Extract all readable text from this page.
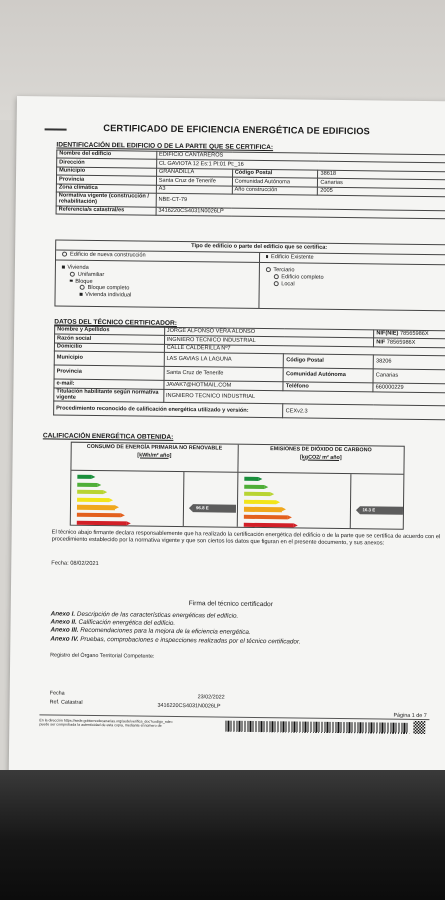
CERTIFICADO DE EFICIENCIA ENERGÉTICA DE EDIFICIOS
IDENTIFICACIÓN DEL EDIFICIO O DE LA PARTE QUE SE CERTIFICA:
Nombre del edificio	EDIFICIO CANTAREROS		
Dirección	CL GAVIOTA 12 Es:1 Pl:01 Pt:_16		
Municipio	GRANADILLA	Código Postal	38618
Provincia	Santa Cruz de Tenerife	Comunidad Autónoma	Canarias
Zona climática	A3	Año construcción	2005
Normativa vigente (construcción / rehabilitación)	NBE-CT-79		
Referencia/s catastral/es	3416220CS4031N0026LP		
Tipo de edificio o parte del edificio que se certifica:
Edificio de nueva construcción	Edificio Existente
Vivienda
Unifamiliar
Bloque
Bloque completo
Vivienda individual
Terciario
Edificio completo
Local
DATOS DEL TÉCNICO CERTIFICADOR:
Nombre y Apellidos	JORGE ALFONSO VERA ALONSO		NIF(NIE) 78565986X
Razón social	INGNIERO TECNICO INDUSTRIAL		NIF 78565986X
Domicilio	CALLE CALDERILLA Nº7		
Municipio	LAS GAVIAS LA LAGUNA	Código Postal	38206
Provincia	Santa Cruz de Tenerife	Comunidad Autónoma	Canarias
e-mail:	JAVAK7@HOTMAIL.COM	Teléfono	660000229
Titulación habilitante según normativa vigente	INGNIERO TECNICO INDUSTRIAL		
Procedimiento reconocido de calificación energética utilizado y versión:		CEXv2.3	
CALIFICACIÓN ENERGÉTICA OBTENIDA:
CONSUMO DE ENERGÍA PRIMARIA NO RENOVABLE
[kWh/m² año]
96.8 E
EMISIONES DE DIÓXIDO DE CARBONO
[kgCO2/ m² año]
16.3 E
El técnico abajo firmante declara responsablemente que ha realizado la certificación energética del edificio o de la parte que se certifica de acuerdo con el procedimiento establecido por la normativa vigente y que son ciertos los datos que figuran en el presente documento, y sus anexos:
Fecha: 08/02/2021
Firma del técnico certificador
Anexo I. Descripción de las características energéticas del edificio.
Anexo II. Calificación energética del edificio.
Anexo III. Recomendaciones para la mejora de la eficiencia energética.
Anexo IV. Pruebas, comprobaciones e inspecciones realizadas por el técnico certificador.
Registro del Órgano Territorial Competente:
Fecha
23/02/2022
Ref. Catastral
3416220CS4031N0026LP
Página 1 de 7
En la dirección https://sede.gobiernodecanarias.org/sede/verifica_doc?codigo_nde=
puede ser comprobada la autenticidad de esta copia, mediante el número de
